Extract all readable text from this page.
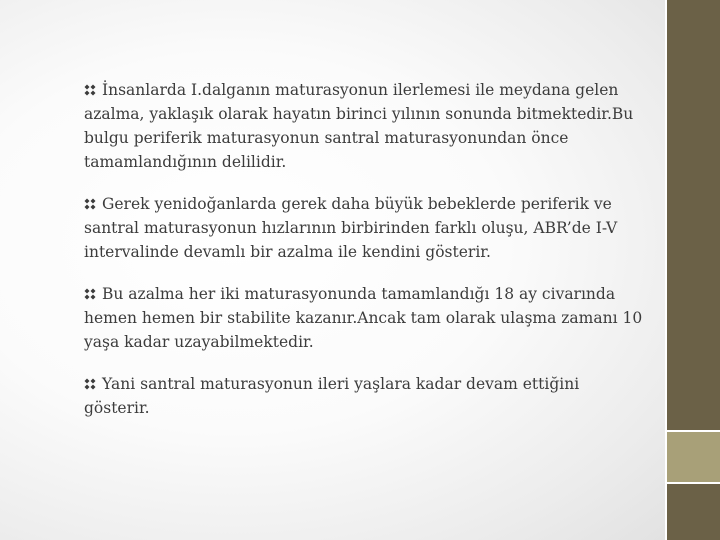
İnsanlarda I.dalganın maturasyonun ilerlemesi ile meydana gelen azalma, yaklaşık olarak hayatın birinci yılının sonunda bitmektedir.Bu bulgu periferik maturasyonun santral maturasyonundan önce tamamlandığının delilidir.

Gerek yenidoğanlarda gerek daha büyük bebeklerde periferik ve santral maturasyonun hızlarının birbirinden farklı oluşu, ABR’de I-V intervalinde devamlı bir azalma ile kendini gösterir.

Bu azalma her iki maturasyonunda tamamlandığı 18 ay civarında hemen hemen bir stabilite kazanır.Ancak tam olarak ulaşma zamanı 10 yaşa kadar uzayabilmektedir.

Yani santral maturasyonun ileri yaşlara kadar devam ettiğini gösterir.
